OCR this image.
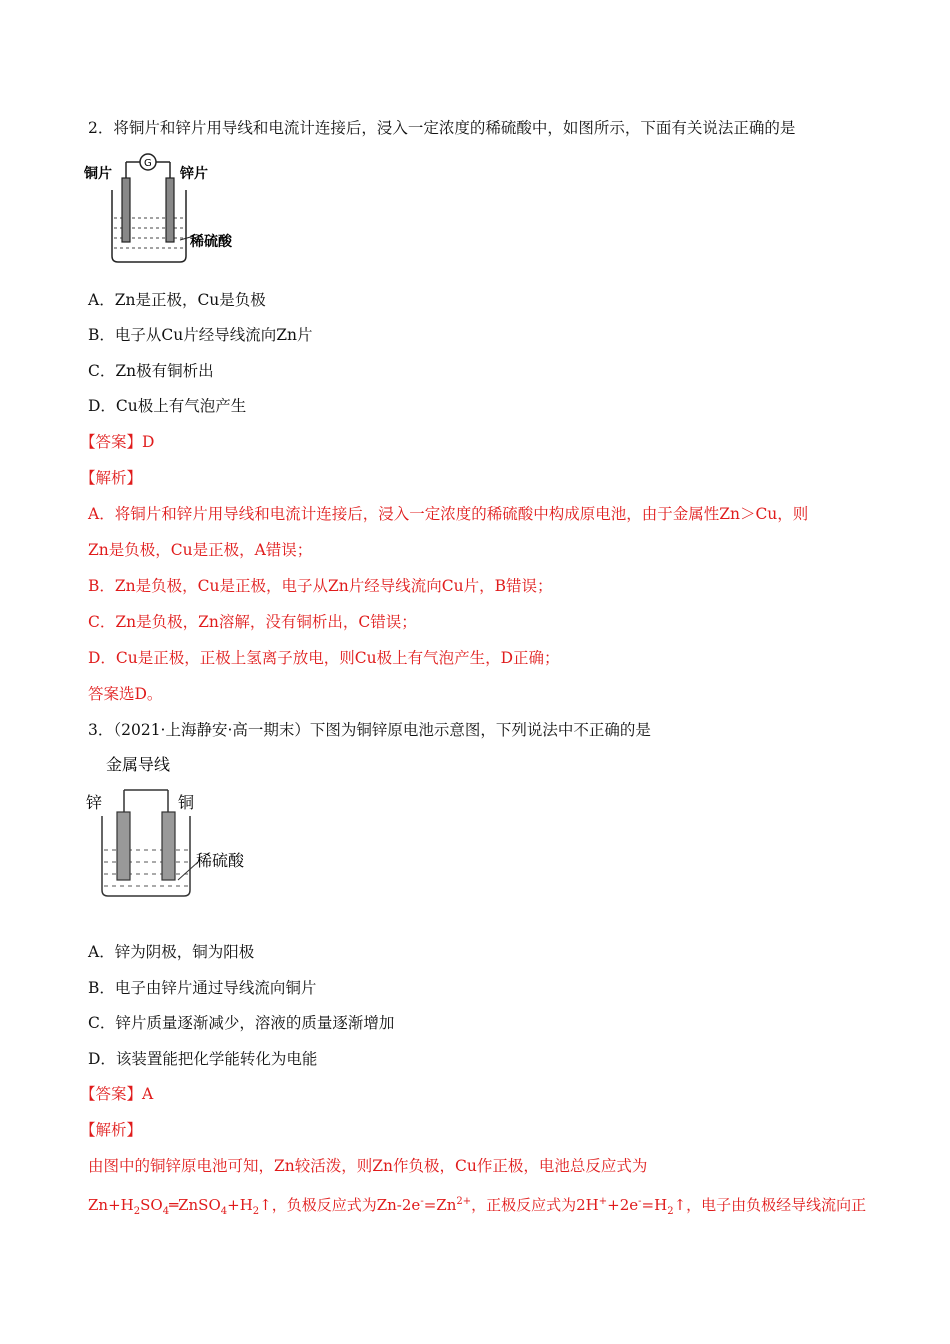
2．将铜片和锌片用导线和电流计连接后，浸入一定浓度的稀硫酸中，如图所示，下面有关说法正确的是
G
铜片	锌片
稀硫酸
A．Zn是正极，Cu是负极
B．电子从Cu片经导线流向Zn片
C．Zn极有铜析出
D．Cu极上有气泡产生
【答案】D
【解析】
A．将铜片和锌片用导线和电流计连接后，浸入一定浓度的稀硫酸中构成原电池，由于金属性Zn＞Cu，则
Zn是负极，Cu是正极，A错误；
B．Zn是负极，Cu是正极，电子从Zn片经导线流向Cu片，B错误；
C．Zn是负极，Zn溶解，没有铜析出，C错误；
D．Cu是正极，正极上氢离子放电，则Cu极上有气泡产生，D正确；
答案选D。
3．（2021·上海静安·高一期末）下图为铜锌原电池示意图，下列说法中不正确的是
金属导线
锌	铜
稀硫酸
A．锌为阴极，铜为阳极
B．电子由锌片通过导线流向铜片
C．锌片质量逐渐减少，溶液的质量逐渐增加
D．该装置能把化学能转化为电能
【答案】A
【解析】
由图中的铜锌原电池可知，Zn较活泼，则Zn作负极，Cu作正极，电池总反应式为
$Zn+H_2SO_4═ZnSO_4+H_2↑$，负极反应式为$Zn-2e^-=Zn^{2+}$，正极反应式为$2H^++2e^-=H_2↑$，电子由负极经导线流向正
